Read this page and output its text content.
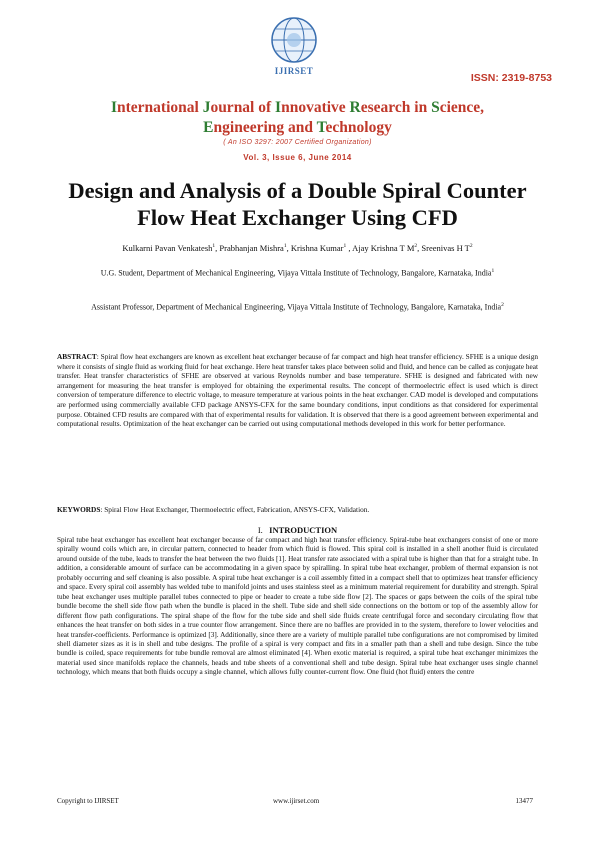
IJIRSET
ISSN: 2319-8753
International Journal of Innovative Research in Science,
Engineering and Technology
( An ISO 3297: 2007 Certified Organization)
Vol. 3, Issue 6, June 2014
Design and Analysis of a Double Spiral Counter Flow Heat Exchanger Using CFD
Kulkarni Pavan Venkatesh$^1$, Prabhanjan Mishra$^1$, Krishna Kumar$^1$ , Ajay Krishna T $M^2$, Sreenivas H $T^2$
U.G. Student, Department of Mechanical Engineering, Vijaya Vittala Institute of Technology, Bangalore, Karnataka, India$^1$
Assistant Professor, Department of Mechanical Engineering, Vijaya Vittala Institute of Technology, Bangalore, Karnataka, India$^2$
ABSTRACT: Spiral flow heat exchangers are known as excellent heat exchanger because of far compact and high heat transfer efficiency. SFHE is a unique design where it consists of single fluid as working fluid for heat exchange. Here heat transfer takes place between solid and fluid, and hence can be called as conjugate heat transfer. Heat transfer characteristics of SFHE are observed at various Reynolds number and base temperature. SFHE is designed and fabricated with new arrangement for measuring the heat transfer is employed for obtaining the experimental results. The concept of thermoelectric effect is used which is direct conversion of temperature difference to electric voltage, to measure temperature at various points in the heat exchanger. CAD model is developed and computations are performed using commercially available CFD package ANSYS-CFX for the same boundary conditions, input conditions as that considered for experimental purpose. Obtained CFD results are compared with that of experimental results for validation. It is observed that there is a good agreement between experimental and computational results. Optimization of the heat exchanger can be carried out using computational methods developed in this work for better performance.
KEYWORDS: Spiral Flow Heat Exchanger, Thermoelectric effect, Fabrication, ANSYS-CFX, Validation.
I. INTRODUCTION
Spiral tube heat exchanger has excellent heat exchanger because of far compact and high heat transfer efficiency. Spiral-tube heat exchangers consist of one or more spirally wound coils which are, in circular pattern, connected to header from which fluid is flowed. This spiral coil is installed in a shell another fluid is circulated around outside of the tube, leads to transfer the heat between the two fluids [1]. Heat transfer rate associated with a spiral tube is higher than that for a straight tube. In addition, a considerable amount of surface can be accommodating in a given space by spiralling. In spiral tube heat exchanger, problem of thermal expansion is not probably occurring and self cleaning is also possible. A spiral tube heat exchanger is a coil assembly fitted in a compact shell that to optimizes heat transfer efficiency and space. Every spiral coil assembly has welded tube to manifold joints and uses stainless steel as a minimum material requirement for durability and strength. Spiral tube heat exchanger uses multiple parallel tubes connected to pipe or header to create a tube side flow [2]. The spaces or gaps between the coils of the spiral tube bundle become the shell side flow path when the bundle is placed in the shell. Tube side and shell side connections on the bottom or top of the assembly allow for different flow path configurations. The spiral shape of the flow for the tube side and shell side fluids create centrifugal force and secondary circulating flow that enhances the heat transfer on both sides in a true counter flow arrangement. Since there are no baffles are provided in to the system, therefore to lower velocities and heat transfer-coefficients. Performance is optimized [3]. Additionally, since there are a variety of multiple parallel tube configurations are not compromised by limited shell diameter sizes as it is in shell and tube designs. The profile of a spiral is very compact and fits in a smaller path than a shell and tube design. Since the tube bundle is coiled, space requirements for tube bundle removal are almost eliminated [4]. When exotic material is required, a spiral tube heat exchanger minimizes the material used since manifolds replace the channels, heads and tube sheets of a conventional shell and tube design. Spiral tube heat exchanger uses single channel technology, which means that both fluids occupy a single channel, which allows fully counter-current flow. One fluid (hot fluid) enters the centre
Copyright to IJIRSET	www.ijirset.com	13477
